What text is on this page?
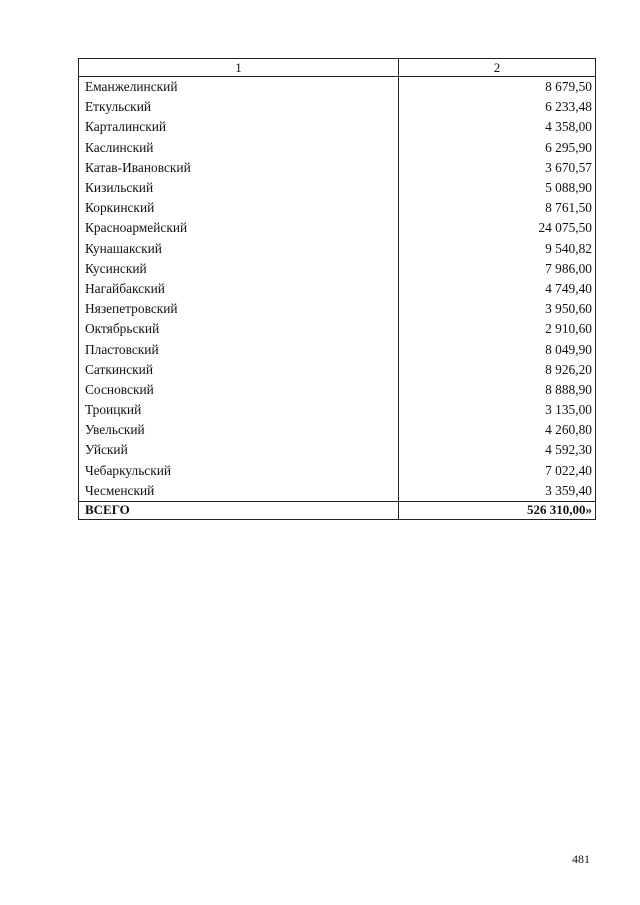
1	2
Еманжелинский	8 679,50
Еткульский	6 233,48
Карталинский	4 358,00
Каслинский	6 295,90
Катав-Ивановский	3 670,57
Кизильский	5 088,90
Коркинский	8 761,50
Красноармейский	24 075,50
Кунашакский	9 540,82
Кусинский	7 986,00
Нагайбакский	4 749,40
Нязепетровский	3 950,60
Октябрьский	2 910,60
Пластовский	8 049,90
Саткинский	8 926,20
Сосновский	8 888,90
Троицкий	3 135,00
Увельский	4 260,80
Уйский	4 592,30
Чебаркульский	7 022,40
Чесменский	3 359,40
ВСЕГО	526 310,00»
481
